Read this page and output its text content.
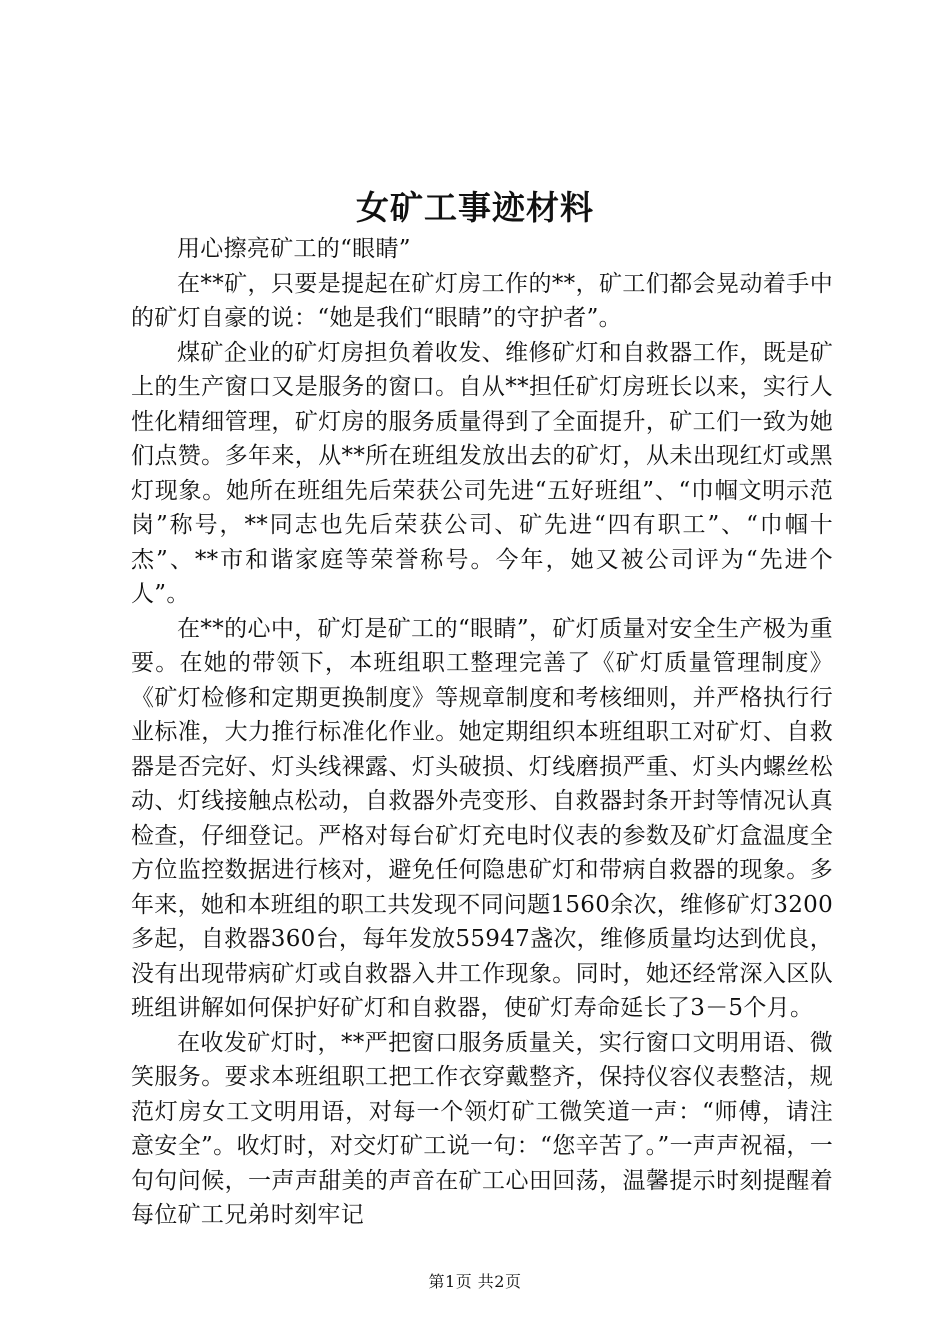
女矿工事迹材料

用心擦亮矿工的“眼睛”

在**矿，只要是提起在矿灯房工作的**，矿工们都会晃动着手中的矿灯自豪的说：“她是我们“眼睛”的守护者”。

煤矿企业的矿灯房担负着收发、维修矿灯和自救器工作，既是矿上的生产窗口又是服务的窗口。自从**担任矿灯房班长以来，实行人性化精细管理，矿灯房的服务质量得到了全面提升，矿工们一致为她们点赞。多年来，从**所在班组发放出去的矿灯，从未出现红灯或黑灯现象。她所在班组先后荣获公司先进“五好班组”、“巾帼文明示范岗”称号，**同志也先后荣获公司、矿先进“四有职工”、“巾帼十杰”、**市和谐家庭等荣誉称号。今年，她又被公司评为“先进个人”。

在**的心中，矿灯是矿工的“眼睛”，矿灯质量对安全生产极为重要。在她的带领下，本班组职工整理完善了《矿灯质量管理制度》《矿灯检修和定期更换制度》等规章制度和考核细则，并严格执行行业标准，大力推行标准化作业。她定期组织本班组职工对矿灯、自救器是否完好、灯头线裸露、灯头破损、灯线磨损严重、灯头内螺丝松动、灯线接触点松动，自救器外壳变形、自救器封条开封等情况认真检查，仔细登记。严格对每台矿灯充电时仪表的参数及矿灯盒温度全方位监控数据进行核对，避免任何隐患矿灯和带病自救器的现象。多年来，她和本班组的职工共发现不同问题1560余次，维修矿灯3200多起，自救器360台，每年发放55947盏次，维修质量均达到优良，没有出现带病矿灯或自救器入井工作现象。同时，她还经常深入区队班组讲解如何保护好矿灯和自救器，使矿灯寿命延长了3－5个月。

在收发矿灯时，**严把窗口服务质量关，实行窗口文明用语、微笑服务。要求本班组职工把工作衣穿戴整齐，保持仪容仪表整洁，规范灯房女工文明用语，对每一个领灯矿工微笑道一声：“师傅，请注意安全”。收灯时，对交灯矿工说一句：“您辛苦了。”一声声祝福，一句句问候，一声声甜美的声音在矿工心田回荡，温馨提示时刻提醒着每位矿工兄弟时刻牢记

第1页 共2页
